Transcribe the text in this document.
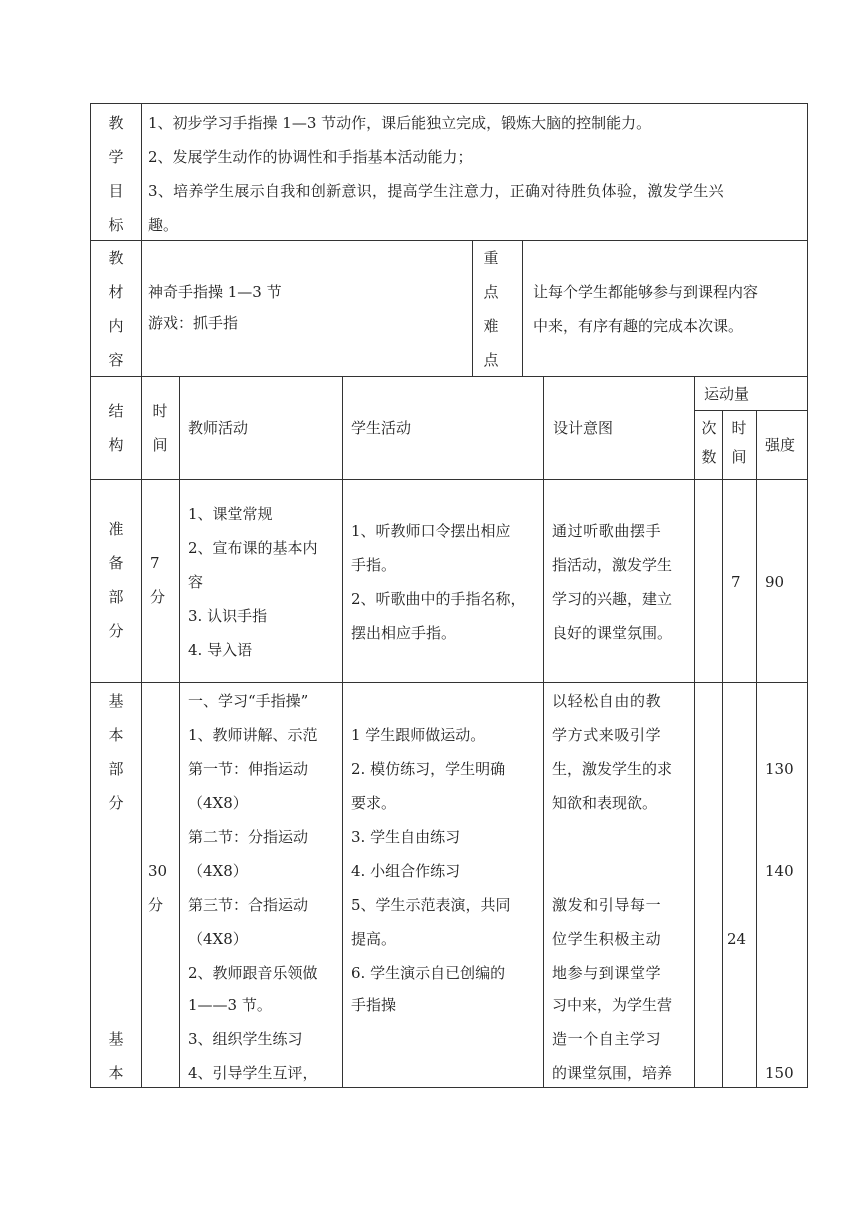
教
学
目
标
1、初步学习手指操 1—3 节动作，课后能独立完成，锻炼大脑的控制能力。
2、发展学生动作的协调性和手指基本活动能力；
3、培养学生展示自我和创新意识，提高学生注意力，正确对待胜负体验，激发学生兴
趣。
教
材
内
容
神奇手指操 1—3 节
游戏：抓手指
重
点
难
点
让每个学生都能够参与到课程内容
中来，有序有趣的完成本次课。
结
构
时
间
教师活动	学生活动	设计意图
运动量
次
数
时
间
强度
准
备
部
分
7
分
1、课堂常规
2、宣布课的基本内
容
3. 认识手指
4. 导入语
1、听教师口令摆出相应
手指。
2、听歌曲中的手指名称，
摆出相应手指。
通过听歌曲摆手
指活动，激发学生
学习的兴趣，建立
良好的课堂氛围。
7 90
基
本
部
分
基
本
30
分
一、学习“手指操”
1、教师讲解、示范
第一节：伸指运动
（4X8）
第二节：分指运动
（4X8）
第三节：合指运动
（4X8）
2、教师跟音乐领做
1——3 节。
3、组织学生练习
4、引导学生互评，
1 学生跟师做运动。
2. 模仿练习，学生明确
要求。
3. 学生自由练习
4. 小组合作练习
5、学生示范表演，共同
提高。
6. 学生演示自已创编的
手指操
以轻松自由的教
学方式来吸引学
生，激发学生的求
知欲和表现欲。
激发和引导每一
位学生积极主动
地参与到课堂学
习中来，为学生营
造一个自主学习
的课堂氛围，培养
24
130
140
150
